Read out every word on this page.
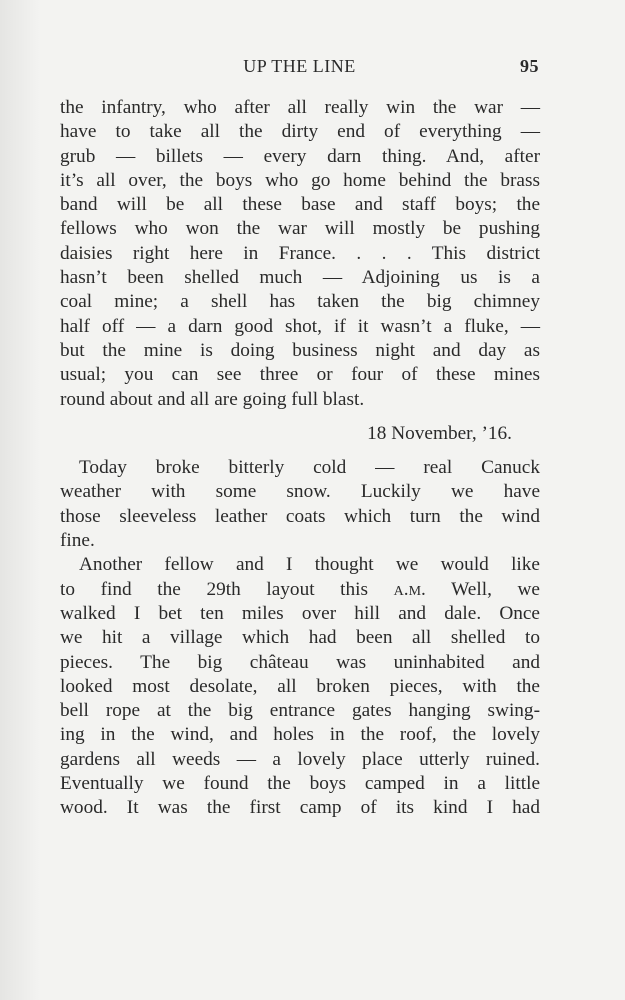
UP THE LINE	95
the infantry, who after all really win the war —
have to take all the dirty end of everything —
grub — billets — every darn thing. And, after
it’s all over, the boys who go home behind the brass
band will be all these base and staff boys; the
fellows who won the war will mostly be pushing
daisies right here in France. . . . This district
hasn’t been shelled much — Adjoining us is a
coal mine; a shell has taken the big chimney
half off — a darn good shot, if it wasn’t a fluke, —
but the mine is doing business night and day as
usual; you can see three or four of these mines
round about and all are going full blast.
18 November, ’16.
Today broke bitterly cold — real Canuck
weather with some snow. Luckily we have
those sleeveless leather coats which turn the wind
fine.
Another fellow and I thought we would like
to find the 29th layout this a.m. Well, we
walked I bet ten miles over hill and dale. Once
we hit a village which had been all shelled to
pieces. The big château was uninhabited and
looked most desolate, all broken pieces, with the
bell rope at the big entrance gates hanging swing-
ing in the wind, and holes in the roof, the lovely
gardens all weeds — a lovely place utterly ruined.
Eventually we found the boys camped in a little
wood. It was the first camp of its kind I had
